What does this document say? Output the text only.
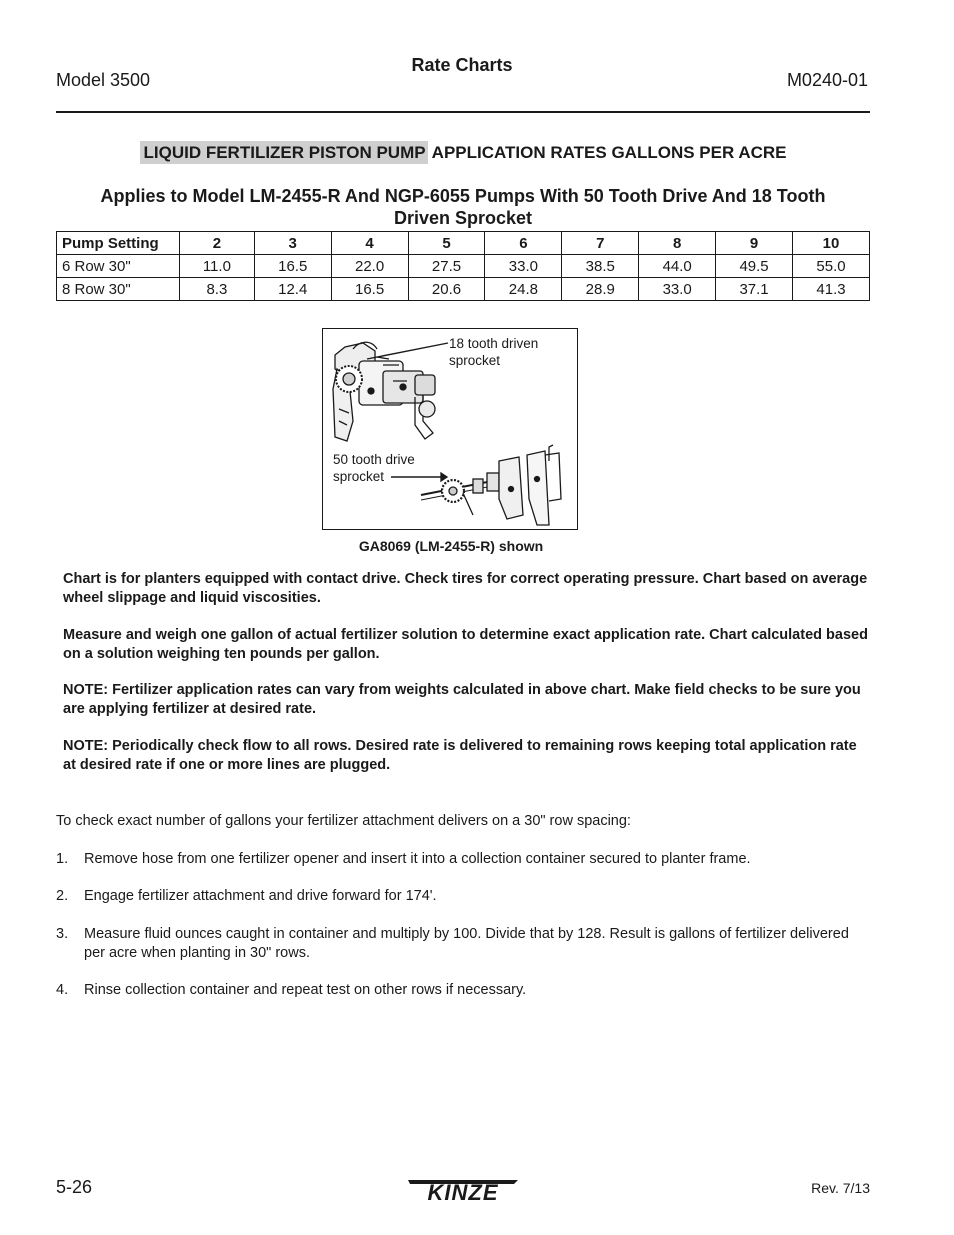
Model 3500
Rate Charts
M0240-01
LIQUID FERTILIZER PISTON PUMP APPLICATION RATES GALLONS PER ACRE
Applies to Model LM-2455-R And NGP-6055 Pumps With 50 Tooth Drive And 18 Tooth
Driven Sprocket
Pump Setting	2	3	4	5	6	7	8	9	10
6 Row 30"	11.0	16.5	22.0	27.5	33.0	38.5	44.0	49.5	55.0
8 Row 30"	8.3	12.4	16.5	20.6	24.8	28.9	33.0	37.1	41.3
18 tooth driven
sprocket
50 tooth drive
sprocket
GA8069 (LM-2455-R) shown
Chart is for planters equipped with contact drive. Check tires for correct operating pressure. Chart based on average wheel slippage and liquid viscosities.
Measure and weigh one gallon of actual fertilizer solution to determine exact application rate. Chart calculated based on a solution weighing ten pounds per gallon.
NOTE: Fertilizer application rates can vary from weights calculated in above chart. Make field checks to be sure you are applying fertilizer at desired rate.
NOTE: Periodically check flow to all rows. Desired rate is delivered to remaining rows keeping total application rate at desired rate if one or more lines are plugged.
To check exact number of gallons your fertilizer attachment delivers on a 30" row spacing:
1. Remove hose from one fertilizer opener and insert it into a collection container secured to planter frame.
2. Engage fertilizer attachment and drive forward for 174'.
3. Measure fluid ounces caught in container and multiply by 100. Divide that by 128. Result is gallons of fertilizer delivered per acre when planting in 30" rows.
4. Rinse collection container and repeat test on other rows if necessary.
5-26	KINZE	Rev. 7/13
